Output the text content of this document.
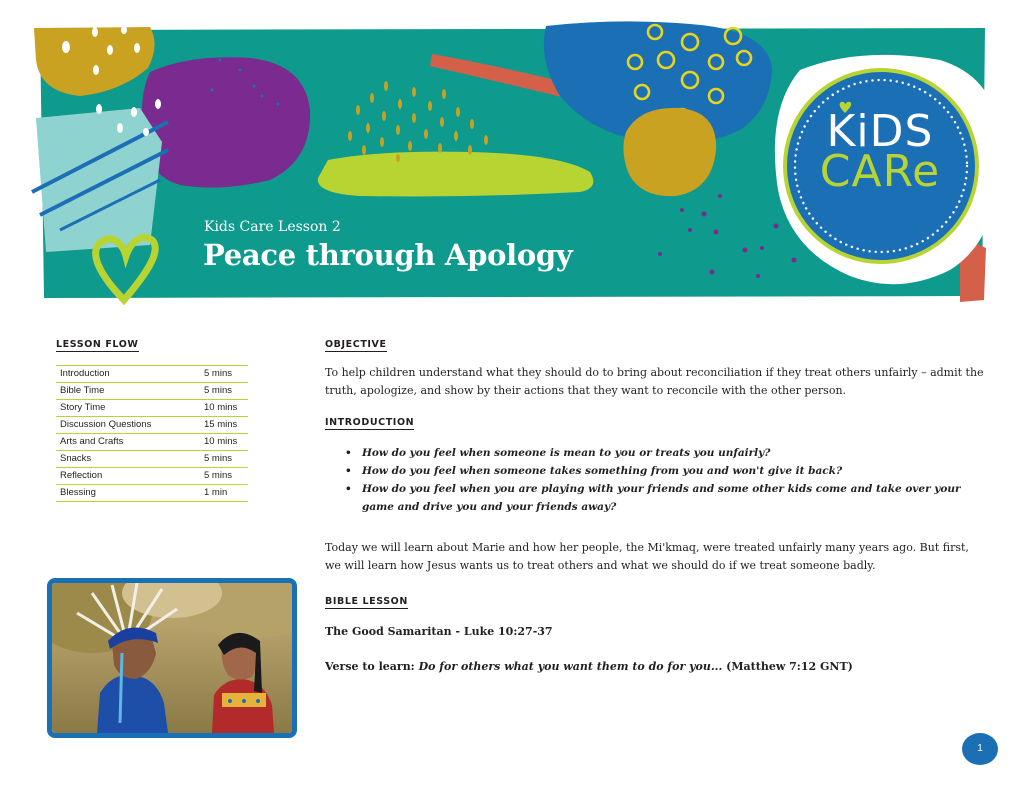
Kids Care Lesson 2
Peace through Apology
KiDS
CARe
LESSON FLOW
Introduction	5 mins
Bible Time	5 mins
Story Time	10 mins
Discussion Questions	15 mins
Arts and Crafts	10 mins
Snacks	5 mins
Reflection	5 mins
Blessing	1 min
OBJECTIVE
To help children understand what they should do to bring about reconciliation if they treat others unfairly – admit the truth, apologize, and show by their actions that they want to reconcile with the other person.
INTRODUCTION
• How do you feel when someone is mean to you or treats you unfairly?
• How do you feel when someone takes something from you and won't give it back?
• How do you feel when you are playing with your friends and some other kids come and take over your game and drive you and your friends away?
Today we will learn about Marie and how her people, the Mi'kmaq, were treated unfairly many years ago. But first, we will learn how Jesus wants us to treat others and what we should do if we treat someone badly.
BIBLE LESSON
The Good Samaritan - Luke 10:27-37
Verse to learn: Do for others what you want them to do for you... (Matthew 7:12 GNT)
1
